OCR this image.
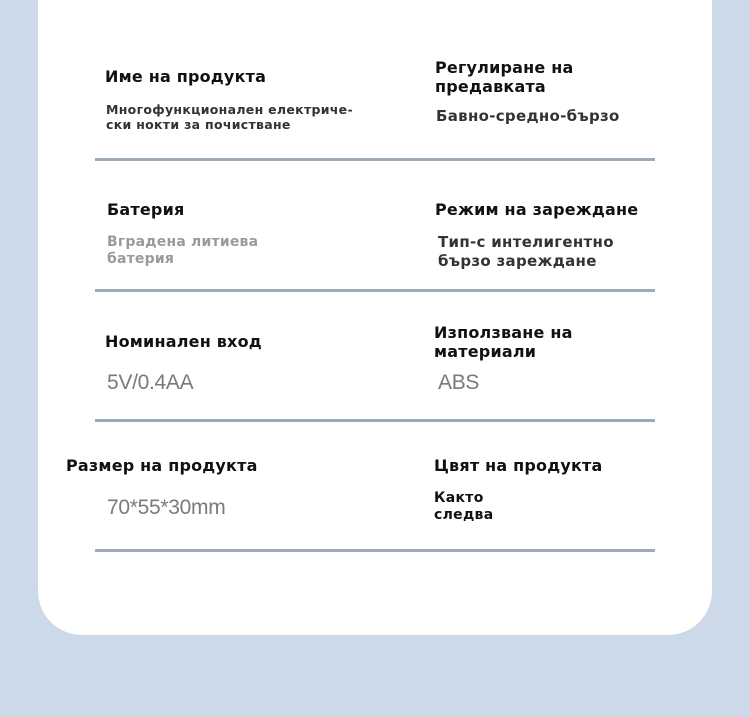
Име на продукта
Многофункционален електриче-
ски нокти за почистване
Регулиране на
предавката
Бавно-средно-бързо
Батерия
Вградена литиева
батерия
Режим на зареждане
Тип-с интелигентно
бързо зареждане
Номинален вход
5V/0.4AA
Използване на
материали
ABS
Размер на продукта
70*55*30mm
Цвят на продукта
Както
следва
